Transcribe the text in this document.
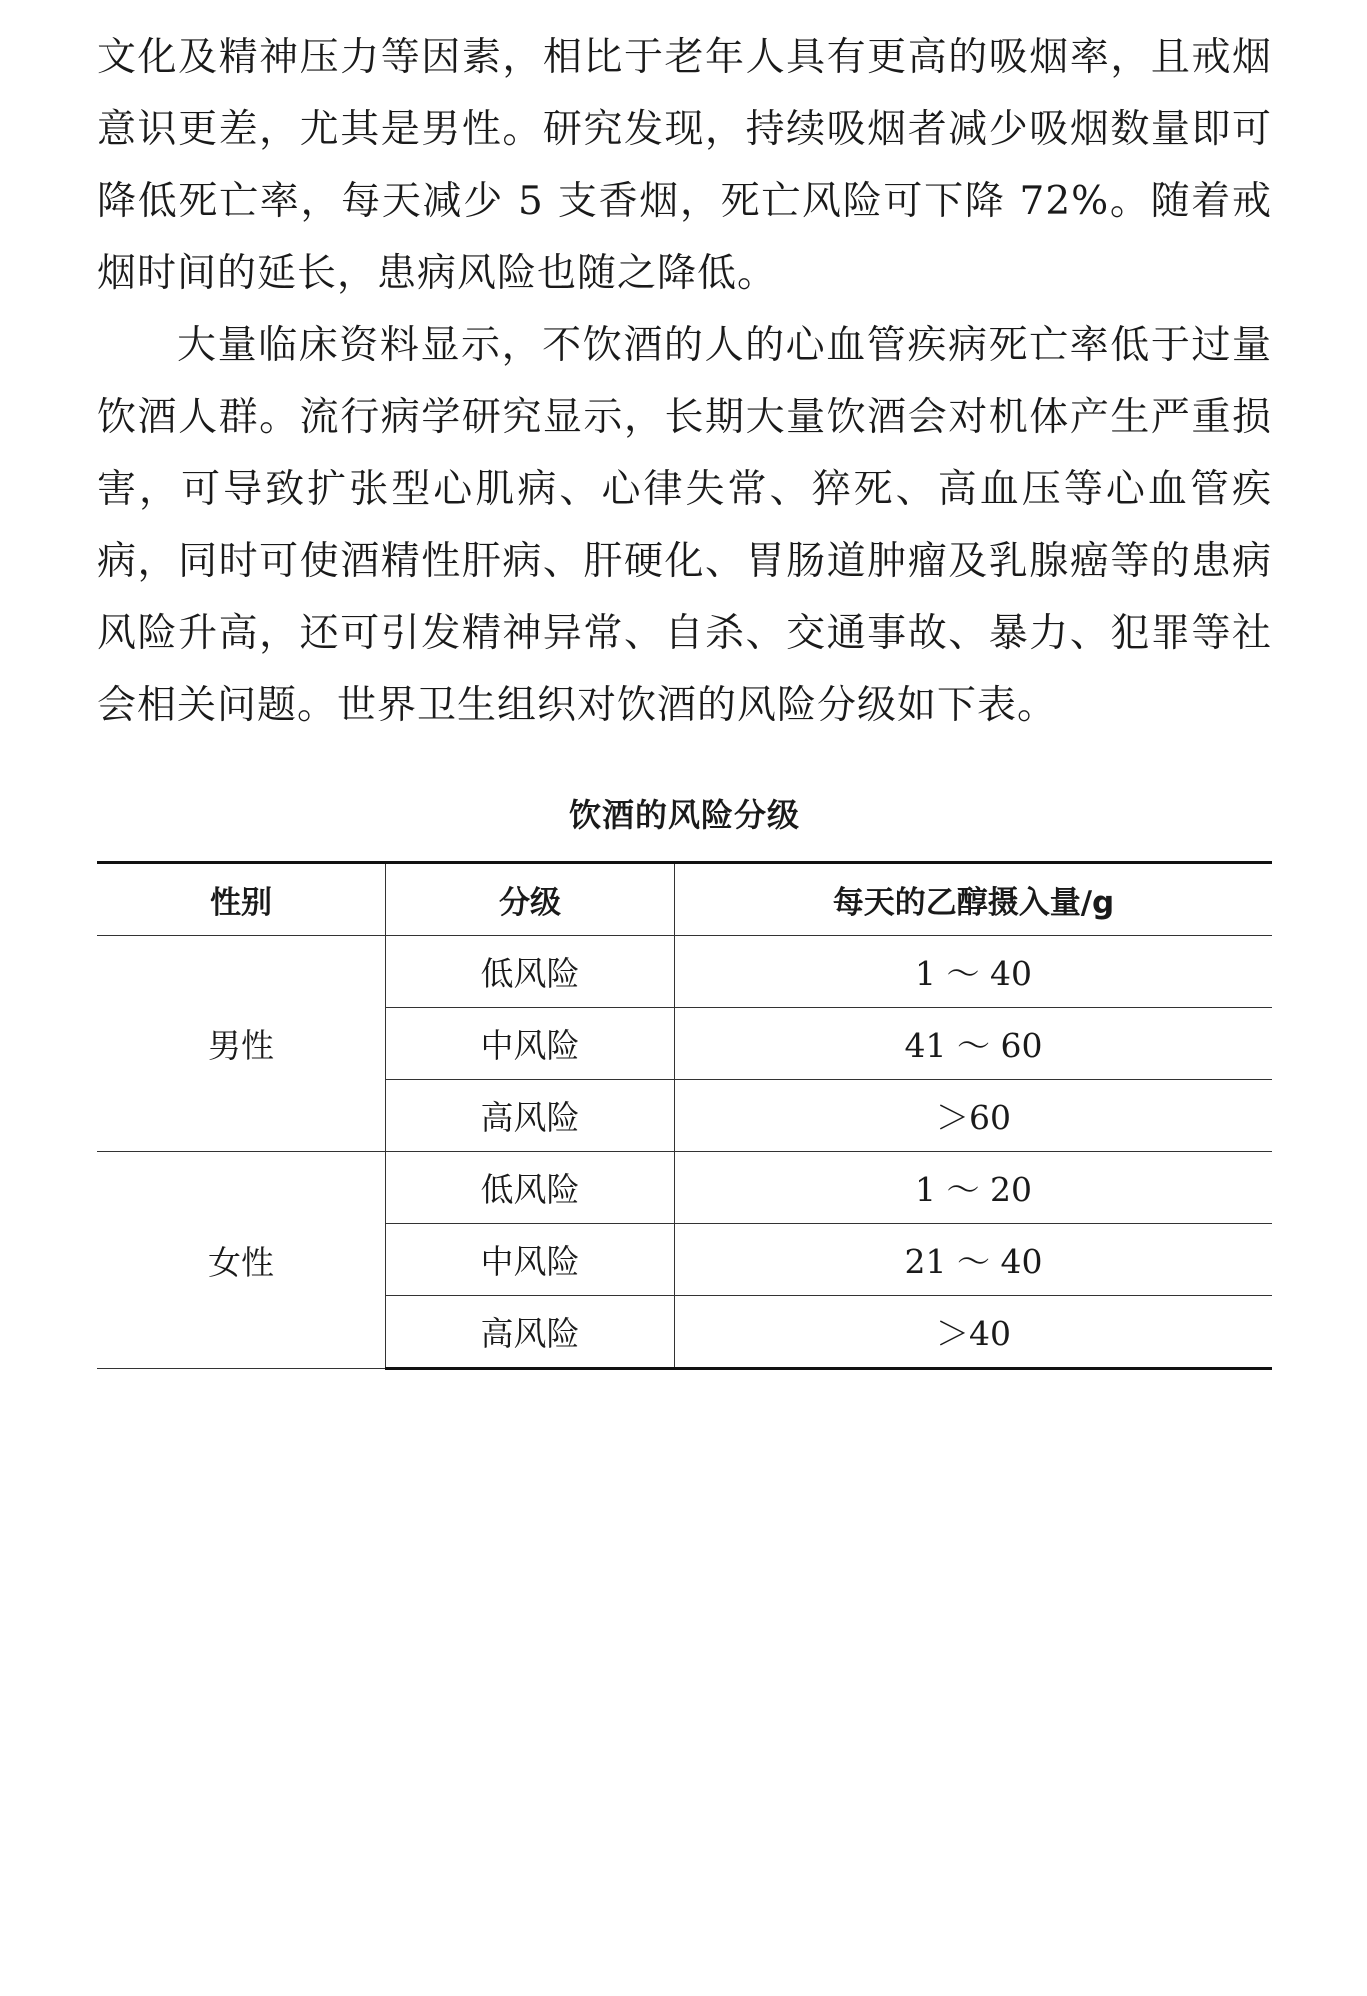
文化及精神压力等因素，相比于老年人具有更高的吸烟率，且戒烟意识更差，尤其是男性。研究发现，持续吸烟者减少吸烟数量即可降低死亡率，每天减少 5 支香烟，死亡风险可下降 72%。随着戒烟时间的延长，患病风险也随之降低。

大量临床资料显示，不饮酒的人的心血管疾病死亡率低于过量饮酒人群。流行病学研究显示，长期大量饮酒会对机体产生严重损害，可导致扩张型心肌病、心律失常、猝死、高血压等心血管疾病，同时可使酒精性肝病、肝硬化、胃肠道肿瘤及乳腺癌等的患病风险升高，还可引发精神异常、自杀、交通事故、暴力、犯罪等社会相关问题。世界卫生组织对饮酒的风险分级如下表。

饮酒的风险分级
性别	分级	每天的乙醇摄入量/g
男性	低风险	1 ～ 40
	中风险	41 ～ 60
	高风险	＞60
女性	低风险	1 ～ 20
	中风险	21 ～ 40
	高风险	＞40
